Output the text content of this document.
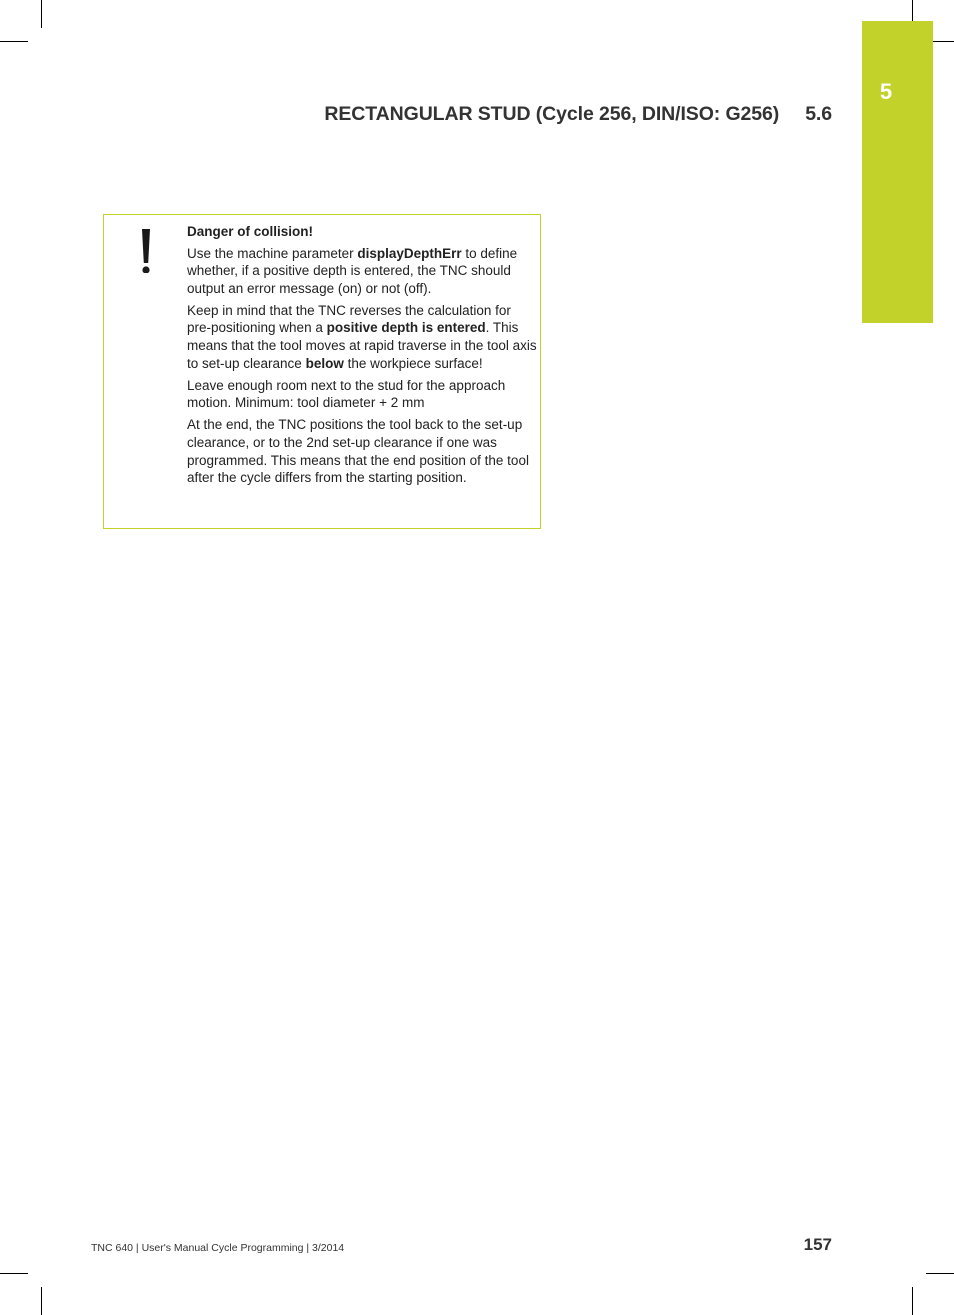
5
RECTANGULAR STUD (Cycle 256, DIN/ISO: G256) 5.6

Danger of collision!

Use the machine parameter displayDepthErr to define whether, if a positive depth is entered, the TNC should output an error message (on) or not (off).

Keep in mind that the TNC reverses the calculation for pre-positioning when a positive depth is entered. This means that the tool moves at rapid traverse in the tool axis to set-up clearance below the workpiece surface!

Leave enough room next to the stud for the approach motion. Minimum: tool diameter + 2 mm

At the end, the TNC positions the tool back to the set-up clearance, or to the 2nd set-up clearance if one was programmed. This means that the end position of the tool after the cycle differs from the starting position.

TNC 640 | User's Manual Cycle Programming | 3/2014	157
